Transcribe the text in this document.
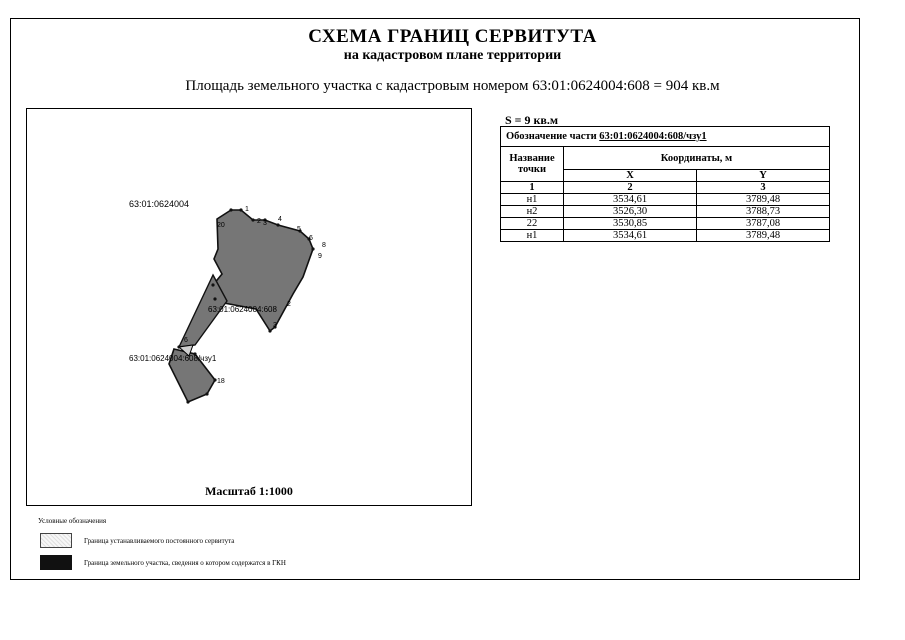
СХЕМА ГРАНИЦ СЕРВИТУТА
на кадастровом плане территории
Площадь земельного участка с кадастровым номером 63:01:0624004:608 = 904 кв.м
63:01:0624004
63:01:0624004:608
63:01:0624004:608/чзу1
1
2 3
4
5
6
8
9
18
20
2
3
6
Масштаб 1:1000
S = 9 кв.м
Обозначение части 63:01:0624004:608/чзу1		
Название точки	Координаты, м	
	X	Y
1	2	3
н1	3534,61	3789,48
н2	3526,30	3788,73
22	3530,85	3787,08
н1	3534,61	3789,48
Условные обозначения
Граница устанавливаемого постоянного сервитута
Граница земельного участка, сведения о котором содержатся в ГКН
